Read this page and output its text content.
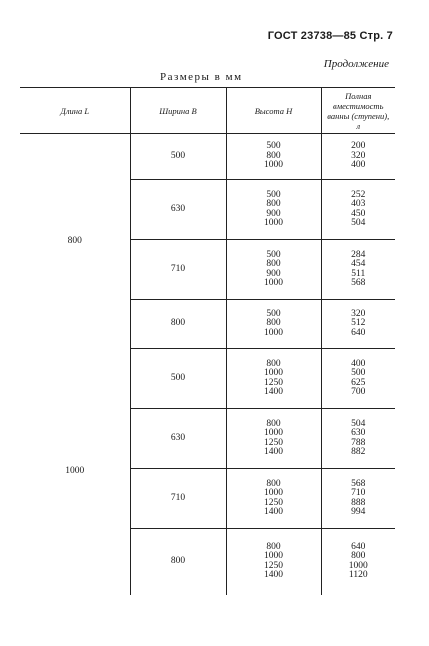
ГОСТ 23738—85 Стр. 7
Продолжение
Размеры в мм
Длина L	Ширина B	Высота H	Полная вместимость ванны (ступени), л
800	500	500
800
1000	200
320
400

	630	500
800
900
1000	252
403
450
504

	710	500
800
900
1000	284
454
511
568

	800	500
800
1000	320
512
640

1000	500	800
1000
1250
1400	400
500
625
700

	630	800
1000
1250
1400	504
630
788
882

	710	800
1000
1250
1400	568
710
888
994

	800	800
1000
1250
1400	640
800
1000
1120
